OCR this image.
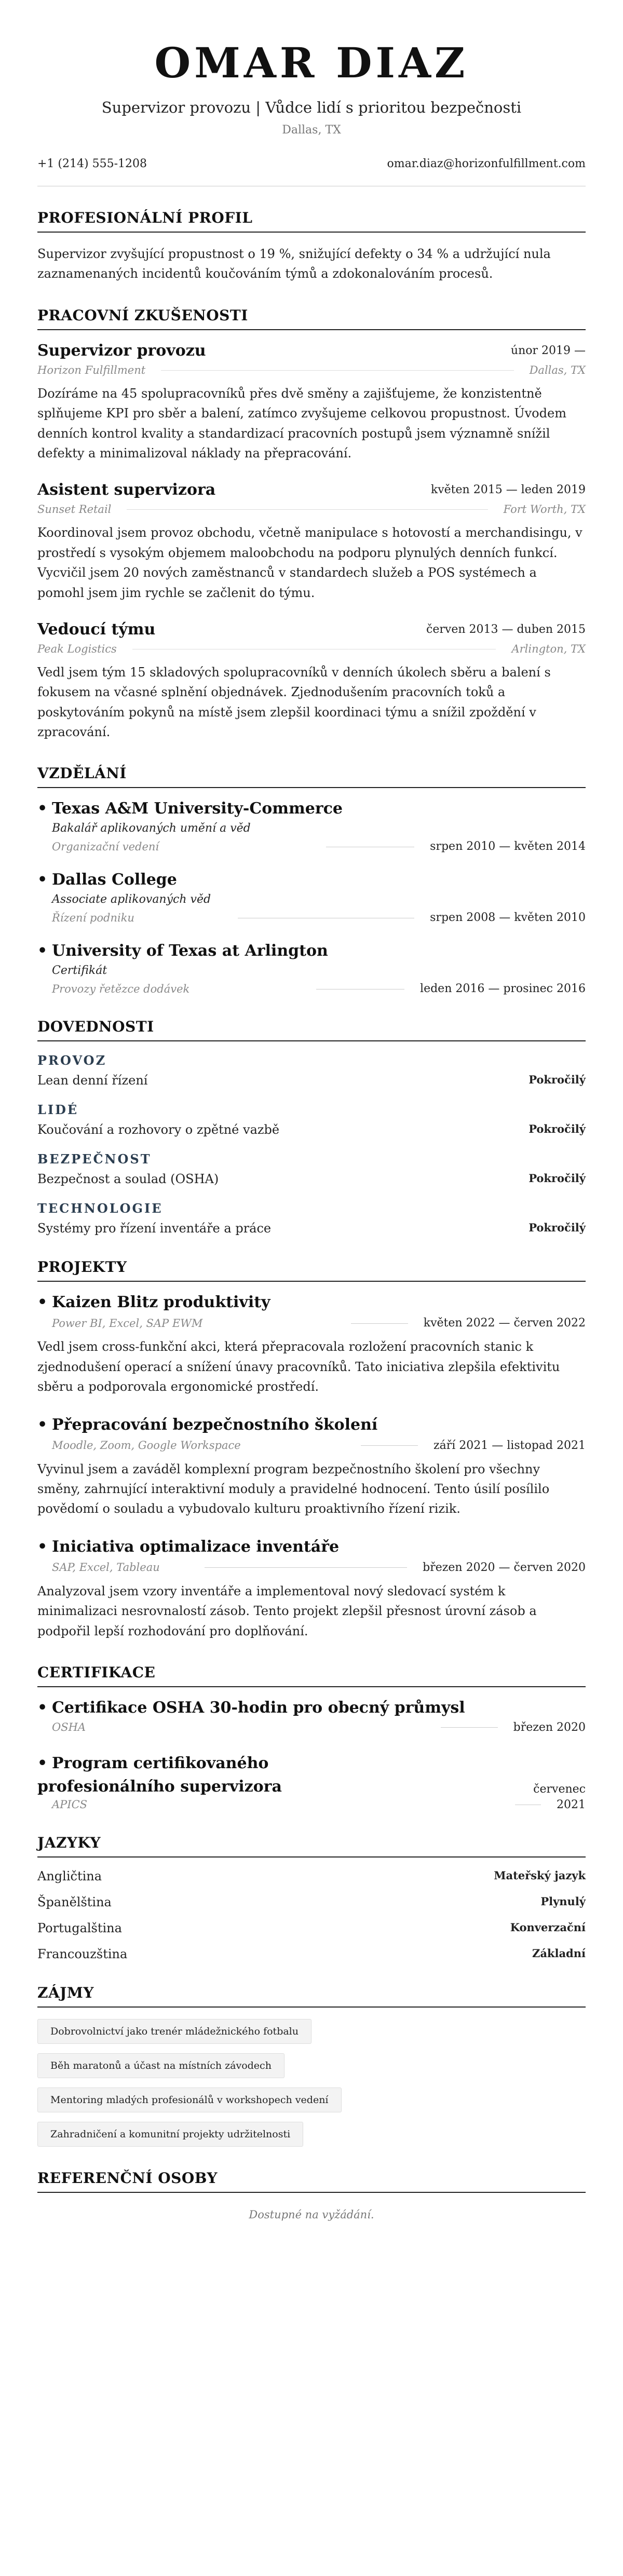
OMAR DIAZ
Supervizor provozu | Vůdce lidí s prioritou bezpečnosti
Dallas, TX
+1 (214) 555-1208	omar.diaz@horizonfulfillment.com
PROFESIONÁLNÍ PROFIL

Supervizor zvyšující propustnost o 19 %, snižující defekty o 34 % a udržující nula zaznamenaných incidentů koučováním týmů a zdokonalováním procesů.

PRACOVNÍ ZKUŠENOSTI
Supervizor provozu	únor 2019 —
Horizon Fulfillment	Dallas, TX

Dozíráme na 45 spolupracovníků přes dvě směny a zajišťujeme, že konzistentně splňujeme KPI pro sběr a balení, zatímco zvyšujeme celkovou propustnost. Úvodem denních kontrol kvality a standardizací pracovních postupů jsem významně snížil defekty a minimalizoval náklady na přepracování.

Asistent supervizora	květen 2015 — leden 2019
Sunset Retail	Fort Worth, TX

Koordinoval jsem provoz obchodu, včetně manipulace s hotovostí a merchandisingu, v prostředí s vysokým objemem maloobchodu na podporu plynulých denních funkcí. Vycvičil jsem 20 nových zaměstnanců v standardech služeb a POS systémech a pomohl jsem jim rychle se začlenit do týmu.

Vedoucí týmu	červen 2013 — duben 2015
Peak Logistics	Arlington, TX

Vedl jsem tým 15 skladových spolupracovníků v denních úkolech sběru a balení s fokusem na včasné splnění objednávek. Zjednodušením pracovních toků a poskytováním pokynů na místě jsem zlepšil koordinaci týmu a snížil zpoždění v zpracování.

VZDĚLÁNÍ
• Texas A&M University-Commerce
Bakalář aplikovaných umění a věd
Organizační vedení	srpen 2010 — květen 2014
• Dallas College
Associate aplikovaných věd
Řízení podniku	srpen 2008 — květen 2010
• University of Texas at Arlington
Certifikát
Provozy řetězce dodávek	leden 2016 — prosinec 2016
DOVEDNOSTI
PROVOZ
Lean denní řízení	Pokročilý
LIDÉ
Koučování a rozhovory o zpětné vazbě	Pokročilý
BEZPEČNOST
Bezpečnost a soulad (OSHA)	Pokročilý
TECHNOLOGIE
Systémy pro řízení inventáře a práce	Pokročilý
PROJEKTY
• Kaizen Blitz produktivity
Power BI, Excel, SAP EWM	květen 2022 — červen 2022

Vedl jsem cross-funkční akci, která přepracovala rozložení pracovních stanic k zjednodušení operací a snížení únavy pracovníků. Tato iniciativa zlepšila efektivitu sběru a podporovala ergonomické prostředí.

• Přepracování bezpečnostního školení
Moodle, Zoom, Google Workspace	září 2021 — listopad 2021

Vyvinul jsem a zaváděl komplexní program bezpečnostního školení pro všechny směny, zahrnující interaktivní moduly a pravidelné hodnocení. Tento úsilí posílilo povědomí o souladu a vybudovalo kulturu proaktivního řízení rizik.

• Iniciativa optimalizace inventáře
SAP, Excel, Tableau	březen 2020 — červen 2020

Analyzoval jsem vzory inventáře a implementoval nový sledovací systém k minimalizaci nesrovnalostí zásob. Tento projekt zlepšil přesnost úrovní zásob a podpořil lepší rozhodování pro doplňování.

CERTIFIKACE
• Certifikace OSHA 30-hodin pro obecný průmysl
OSHA	březen 2020
• Program certifikovaného profesionálního supervizora	červenec
APICS	2021
JAZYKY
Angličtina	Mateřský jazyk
Španělština	Plynulý
Portugalština	Konverzační
Francouzština	Základní
ZÁJMY
Dobrovolnictví jako trenér mládežnického fotbalu
Běh maratonů a účast na místních závodech
Mentoring mladých profesionálů v workshopech vedení
Zahradničení a komunitní projekty udržitelnosti
REFERENČNÍ OSOBY
Dostupné na vyžádání.
